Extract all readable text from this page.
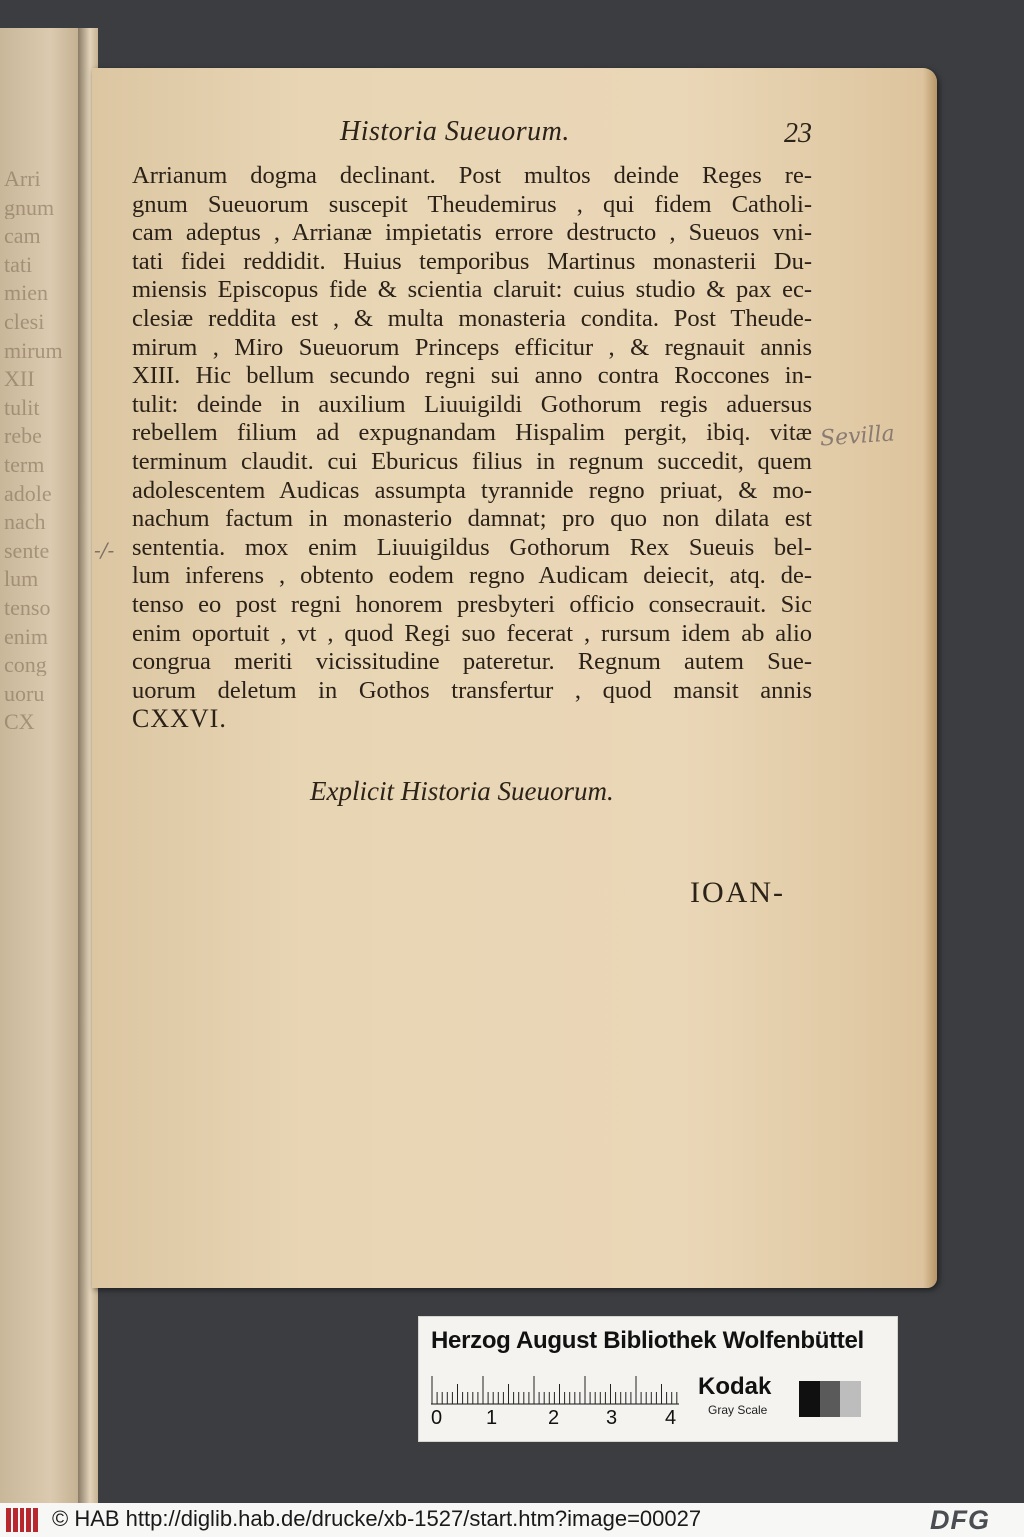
Arri
gnum
cam
tati
mien
clesi
mirum
XII
tulit
rebe
term
adole
nach
sente
lum
tenso
enim
cong
uoru
CX
Historia Sueuorum.	23
Arrianum dogma declinant. Post multos deinde Reges re-
gnum Sueuorum suscepit Theudemirus , qui fidem Catholi-
cam adeptus , Arrianæ impietatis errore destructo , Sueuos vni-
tati fidei reddidit. Huius temporibus Martinus monasterii Du-
miensis Episcopus fide & scientia claruit: cuius studio & pax ec-
clesiæ reddita est , & multa monasteria condita. Post Theude-
mirum , Miro Sueuorum Princeps efficitur , & regnauit annis
XIII. Hic bellum secundo regni sui anno contra Roccones in-
tulit: deinde in auxilium Liuuigildi Gothorum regis aduersus
rebellem filium ad expugnandam Hispalim pergit, ibiq. vitæ
terminum claudit. cui Eburicus filius in regnum succedit, quem
adolescentem Audicas assumpta tyrannide regno priuat, & mo-
nachum factum in monasterio damnat; pro quo non dilata est
sententia. mox enim Liuuigildus Gothorum Rex Sueuis bel-
lum inferens , obtento eodem regno Audicam deiecit, atq. de-
tenso eo post regni honorem presbyteri officio consecrauit. Sic
enim oportuit , vt , quod Regi suo fecerat , rursum idem ab alio
congrua meriti vicissitudine pateretur. Regnum autem Sue-
uorum deletum in Gothos transfertur , quod mansit annis
CXXVI.
Sevilla
-/-
Explicit Historia Sueuorum.
IOAN-
Herzog August Bibliothek Wolfenbüttel
0 1	2 3 4
Kodak
Gray Scale
© HAB http://diglib.hab.de/drucke/xb-1527/start.htm?image=00027	DFG
